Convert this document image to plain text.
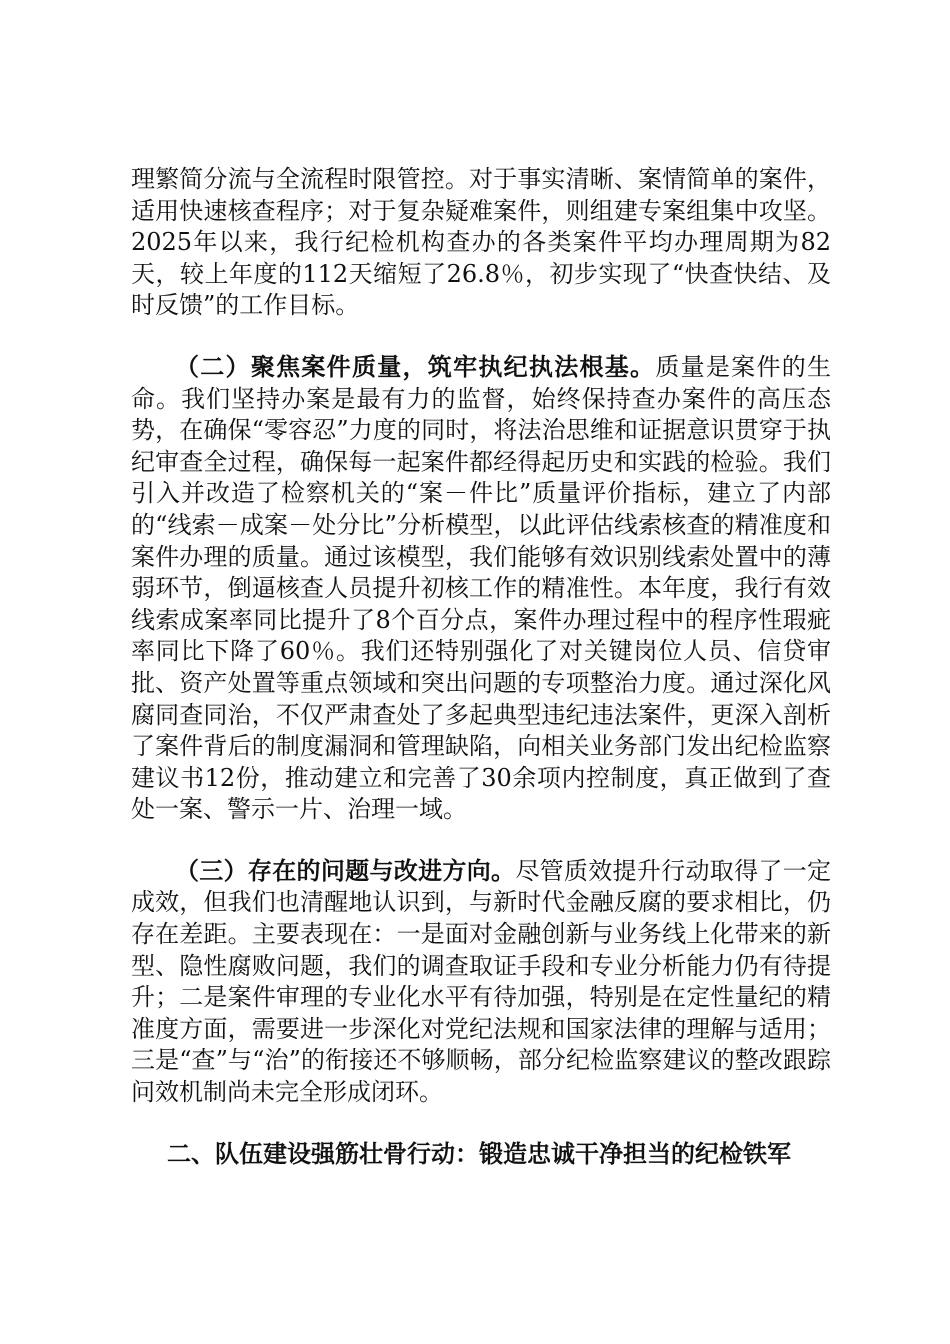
理繁简分流与全流程时限管控。对于事实清晰、案情简单的案件，适用快速核查程序；对于复杂疑难案件，则组建专案组集中攻坚。2025年以来，我行纪检机构查办的各类案件平均办理周期为82天，较上年度的112天缩短了26.8％，初步实现了“快查快结、及时反馈”的工作目标。

（二）聚焦案件质量，筑牢执纪执法根基。质量是案件的生命。我们坚持办案是最有力的监督，始终保持查办案件的高压态势，在确保“零容忍”力度的同时，将法治思维和证据意识贯穿于执纪审查全过程，确保每一起案件都经得起历史和实践的检验。我们引入并改造了检察机关的“案－件比”质量评价指标，建立了内部的“线索－成案－处分比”分析模型，以此评估线索核查的精准度和案件办理的质量。通过该模型，我们能够有效识别线索处置中的薄弱环节，倒逼核查人员提升初核工作的精准性。本年度，我行有效线索成案率同比提升了8个百分点，案件办理过程中的程序性瑕疵率同比下降了60％。我们还特别强化了对关键岗位人员、信贷审批、资产处置等重点领域和突出问题的专项整治力度。通过深化风腐同查同治，不仅严肃查处了多起典型违纪违法案件，更深入剖析了案件背后的制度漏洞和管理缺陷，向相关业务部门发出纪检监察建议书12份，推动建立和完善了30余项内控制度，真正做到了查处一案、警示一片、治理一域。

（三）存在的问题与改进方向。尽管质效提升行动取得了一定成效，但我们也清醒地认识到，与新时代金融反腐的要求相比，仍存在差距。主要表现在：一是面对金融创新与业务线上化带来的新型、隐性腐败问题，我们的调查取证手段和专业分析能力仍有待提升；二是案件审理的专业化水平有待加强，特别是在定性量纪的精准度方面，需要进一步深化对党纪法规和国家法律的理解与适用；三是“查”与“治”的衔接还不够顺畅，部分纪检监察建议的整改跟踪问效机制尚未完全形成闭环。

二、队伍建设强筋壮骨行动：锻造忠诚干净担当的纪检铁军
